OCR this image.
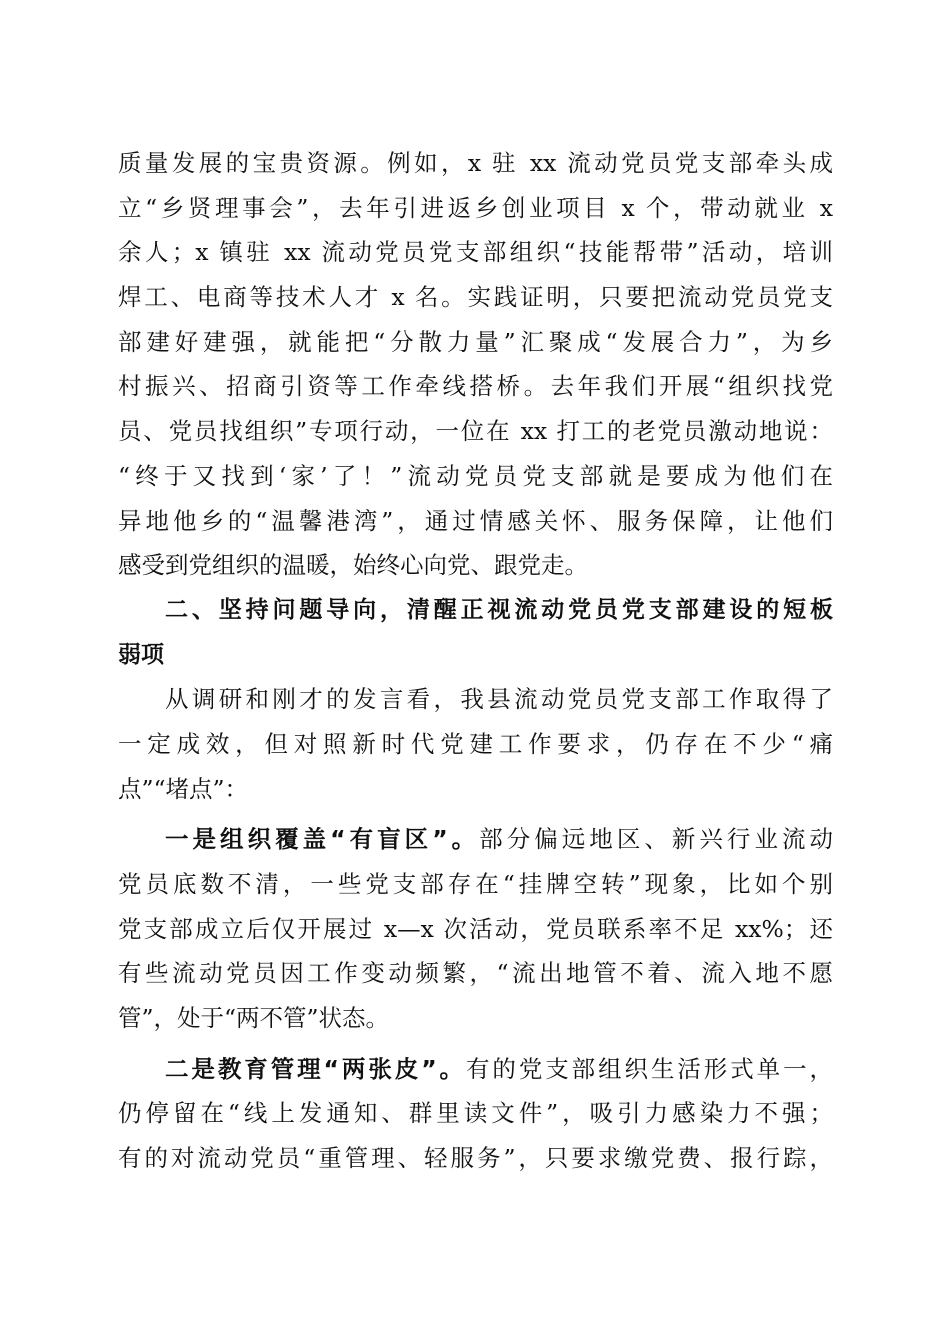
质量发展的宝贵资源。例如，x 驻 xx 流动党员党支部牵头成
立“乡贤理事会”，去年引进返乡创业项目 x 个，带动就业 x
余人；x 镇驻 xx 流动党员党支部组织“技能帮带”活动，培训
焊工、电商等技术人才 x 名。实践证明，只要把流动党员党支
部建好建强，就能把“分散力量”汇聚成“发展合力”，为乡
村振兴、招商引资等工作牵线搭桥。去年我们开展“组织找党
员、党员找组织”专项行动，一位在 xx 打工的老党员激动地说：
“终于又找到‘家’了！”流动党员党支部就是要成为他们在
异地他乡的“温馨港湾”，通过情感关怀、服务保障，让他们
感受到党组织的温暖，始终心向党、跟党走。
二、坚持问题导向，清醒正视流动党员党支部建设的短板
弱项
从调研和刚才的发言看，我县流动党员党支部工作取得了
一定成效，但对照新时代党建工作要求，仍存在不少“痛
点”“堵点”：
一是组织覆盖“有盲区”。部分偏远地区、新兴行业流动
党员底数不清，一些党支部存在“挂牌空转”现象，比如个别
党支部成立后仅开展过 x—x 次活动，党员联系率不足 xx%；还
有些流动党员因工作变动频繁，“流出地管不着、流入地不愿
管”，处于“两不管”状态。
二是教育管理“两张皮”。有的党支部组织生活形式单一，
仍停留在“线上发通知、群里读文件”，吸引力感染力不强；
有的对流动党员“重管理、轻服务”，只要求缴党费、报行踪，
